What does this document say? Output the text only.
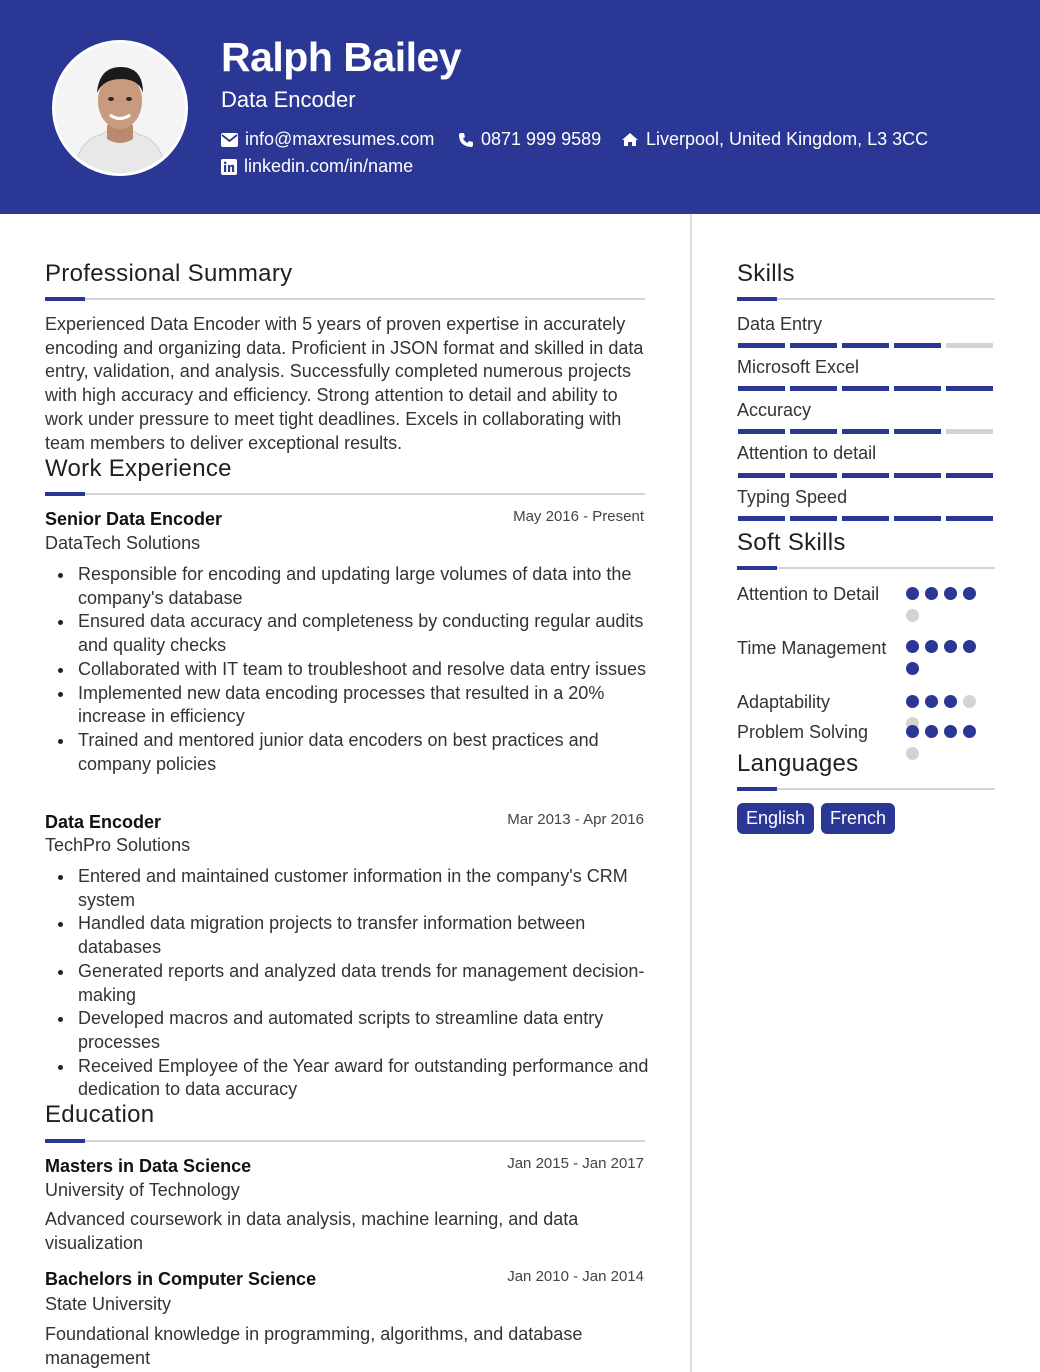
Ralph Bailey
Data Encoder
info@maxresumes.com	0871 999 9589 Liverpool, United Kingdom, L3 3CC
linkedin.com/in/name
Professional Summary
Experienced Data Encoder with 5 years of proven expertise in accurately encoding and organizing data. Proficient in JSON format and skilled in data entry, validation, and analysis. Successfully completed numerous projects with high accuracy and efficiency. Strong attention to detail and ability to work under pressure to meet tight deadlines. Excels in collaborating with team members to deliver exceptional results.
Work Experience
Senior Data Encoder	May 2016 - Present
DataTech Solutions
Responsible for encoding and updating large volumes of data into the company's database
Ensured data accuracy and completeness by conducting regular audits and quality checks
Collaborated with IT team to troubleshoot and resolve data entry issues
Implemented new data encoding processes that resulted in a 20% increase in efficiency
Trained and mentored junior data encoders on best practices and company policies
Data Encoder	Mar 2013 - Apr 2016
TechPro Solutions
Entered and maintained customer information in the company's CRM system
Handled data migration projects to transfer information between databases
Generated reports and analyzed data trends for management decision-making
Developed macros and automated scripts to streamline data entry processes
Received Employee of the Year award for outstanding performance and dedication to data accuracy
Education
Masters in Data Science	Jan 2015 - Jan 2017
University of Technology
Advanced coursework in data analysis, machine learning, and data visualization
Bachelors in Computer Science	Jan 2010 - Jan 2014
State University
Foundational knowledge in programming, algorithms, and database management
Skills
Data Entry
Microsoft Excel
Accuracy
Attention to detail
Typing Speed
Soft Skills
Attention to Detail
Time Management
Adaptability
Problem Solving
Languages
English	French
